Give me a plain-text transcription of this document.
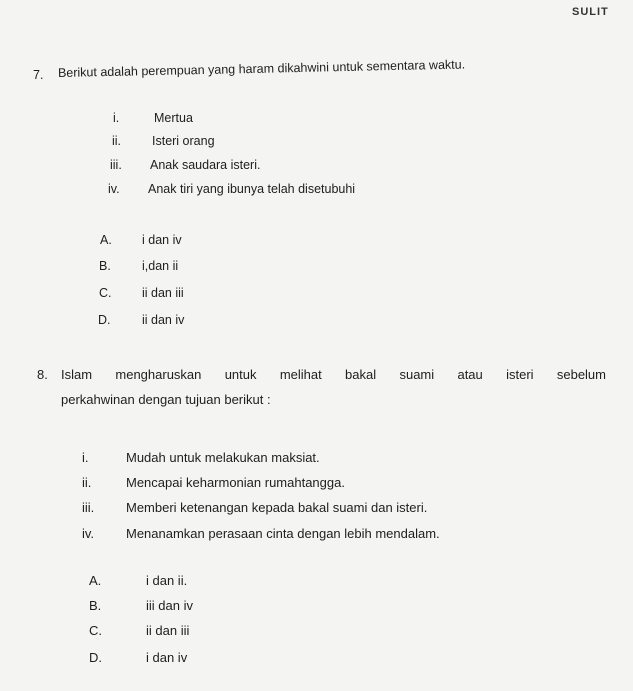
SULIT
7. Berikut adalah perempuan yang haram dikahwini untuk sementara waktu.
i.	Mertua
ii. Isteri orang
iii. Anak saudara isteri.
iv. Anak tiri yang ibunya telah disetubuhi
A. i dan iv
B. i,dan ii
C. ii dan iii
D.	ii dan iv
8. Islam mengharuskan untuk melihat bakal suami atau isteri sebelum
perkahwinan dengan tujuan berikut :
i.	Mudah untuk melakukan maksiat.
ii.	Mencapai keharmonian rumahtangga.
iii. Memberi ketenangan kepada bakal suami dan isteri.
iv. Menanamkan perasaan cinta dengan lebih mendalam.
A.	i dan ii.
B.	iii dan iv
C.	ii dan iii
D.	i dan iv
